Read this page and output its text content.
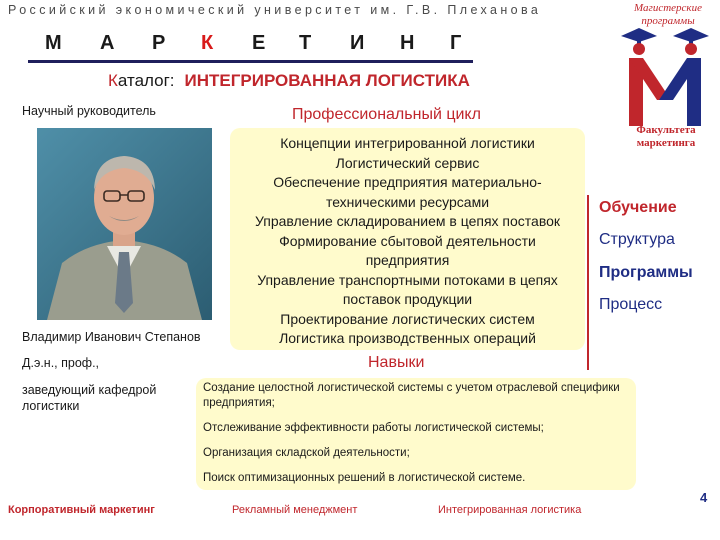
Российский экономический университет им. Г.В. Плеханова
М А Р К Е Т И Н Г
Магистерские программы
Каталог: ИНТЕГРИРОВАННАЯ ЛОГИСТИКА
Научный руководитель	Профессиональный цикл
Концепции интегрированной логистики
Логистический сервис
Обеспечение предприятия материально-
техническими ресурсами
Управление складированием в цепях поставок
Формирование сбытовой деятельности
предприятия
Управление транспортными потоками в цепях
поставок продукции
Проектирование логистических систем
Логистика производственных операций
Факультета маркетинга
Обучение
Структура
Программы
Процесс
Владимир Иванович Степанов
Д.э.н., проф.,
заведующий кафедрой логистики
Навыки
Создание целостной логистической системы с учетом отраслевой специфики предприятия;
Отслеживание эффективности работы логистической системы;
Организация складской деятельности;
Поиск оптимизационных решений в логистической системе.
Корпоративный маркетинг	Рекламный менеджмент	Интегрированная логистика
4
